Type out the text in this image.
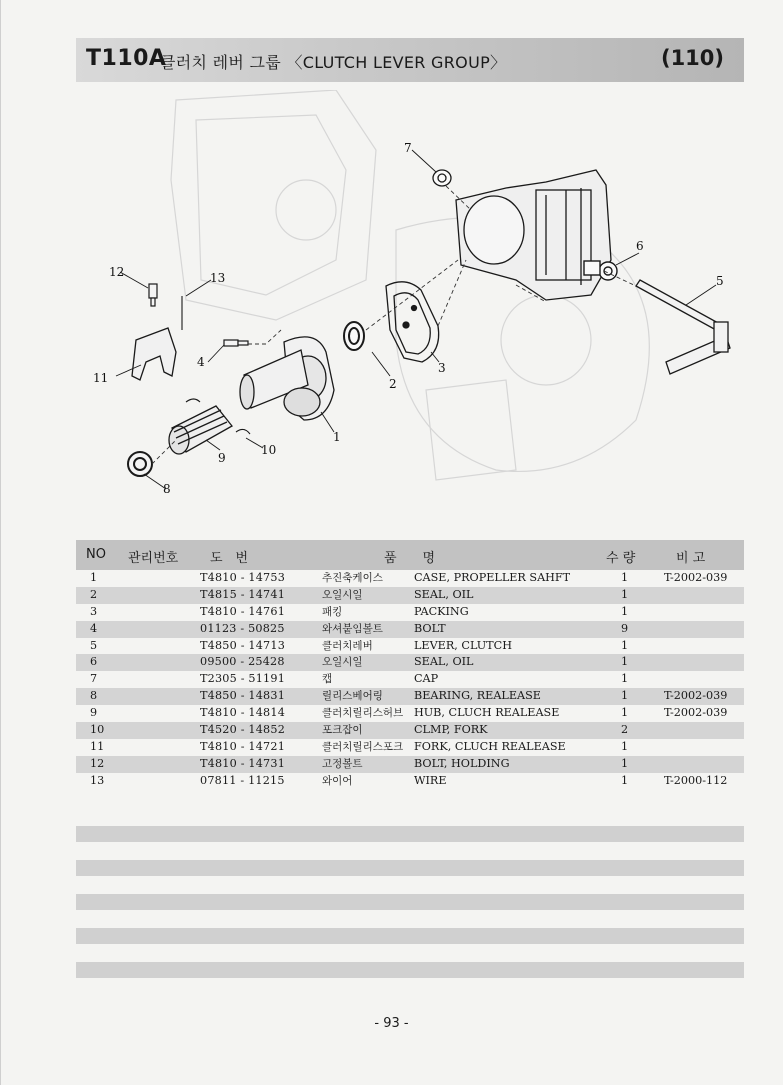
T110A
클러치 레버 그룹 〈CLUTCH LEVER GROUP〉	(110)
7
6
5
3
2
1
4
12	13
11
8
9
10
NO 관리번호 도　번	품　　명	수 량	비 고
1	T4810 - 14753	추진축케이스	CASE, PROPELLER SAHFT	1	T-2002-039
2	T4815 - 14741	오일시일	SEAL, OIL	1
3	T4810 - 14761	패킹	PACKING	1
4	01123 - 50825	와셔붙임볼트	BOLT	9
5	T4850 - 14713	클러치레버	LEVER, CLUTCH	1
6	09500 - 25428	오일시일	SEAL, OIL	1
7	T2305 - 51191	캡	CAP	1
8	T4850 - 14831	릴리스베어링	BEARING, REALEASE	1	T-2002-039
9	T4810 - 14814	클러치릴리스허브 HUB, CLUCH REALEASE	1	T-2002-039
10	T4520 - 14852	포크잡이	CLMP, FORK	2
11	T4810 - 14721	클러치릴리스포크 FORK, CLUCH REALEASE	1
12	T4810 - 14731	고정볼트	BOLT, HOLDING	1
13	07811 - 11215	와이어	WIRE	1	T-2000-112
- 93 -
